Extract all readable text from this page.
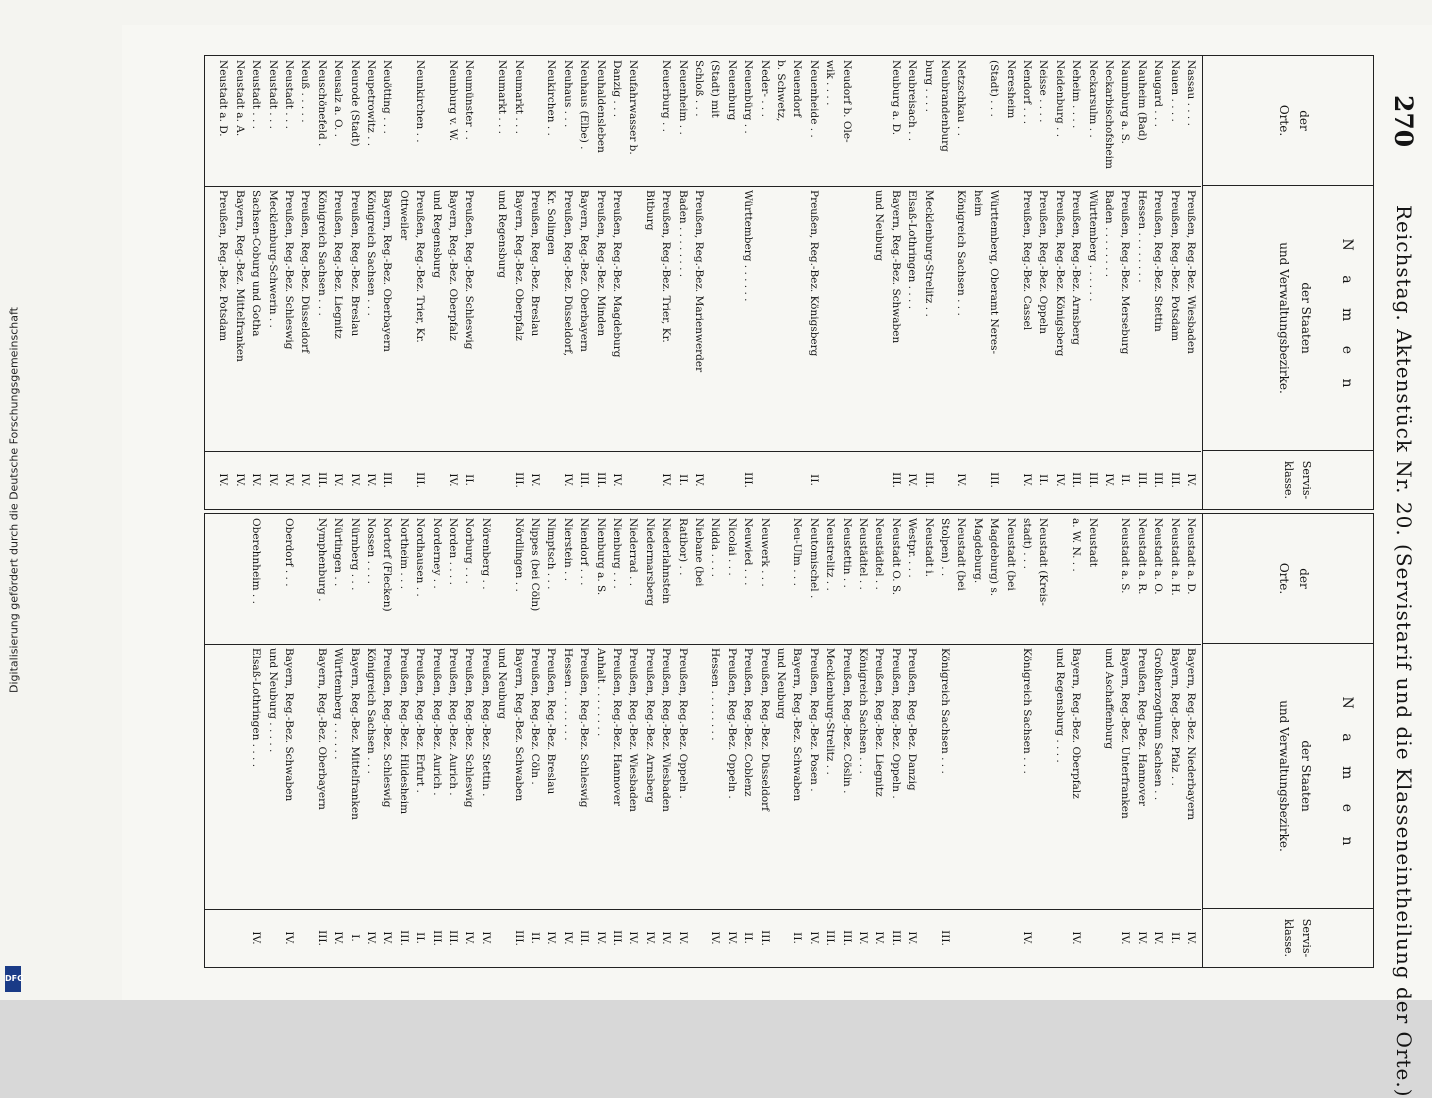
Digitalisierung gefördert durch die Deutsche Forschungsgemeinschaft
DFG
270
Reichstag. Aktenstück Nr. 20. (Servistarif und die Klasseneintheilung der Orte.)
der
Orte.
N a m e n
der Staaten
und Verwaltungsbezirke.
Servis-
klasse.
Nassau . . . .
Preußen, Reg.-Bez. Wiesbaden
IV.
Nauen . . . .
Preußen, Reg.-Bez. Potsdam
III.
Naugard . . .
Preußen, Reg.-Bez. Stettin
III.
Nauheim (Bad)
Hessen . . . . . . . .
III.
Naumburg a. S.
Preußen, Reg.-Bez. Merseburg
II.
Neckarbischofsheim
Baden . . . . . . . .
IV.
Neckarsulm . .
Württemberg . . . . . .
III.
Neheim . . . .
Preußen, Reg.-Bez. Arnsberg
III.
Neidenburg . .
Preußen, Reg.-Bez. Königsberg
IV.
Neisse . . . .
Preußen, Reg.-Bez. Oppeln
II.
Nendorf . . .
Preußen, Reg.-Bez. Cassel
IV.
Neresheim
(Stadt) . . .
Württemberg, Oberamt Neres-
III.
heim
Netzschkau . .
Königreich Sachsen . . .
IV.
Neubrandenburg
burg . . . .
Mecklenburg-Strelitz . .
III.
Neubreisach . .
Elsaß-Lothringen . . . .
IV.
Neuburg a. D.
Bayern, Reg.-Bez. Schwaben
III.
und Neuburg
Neudorf b. Ole-
wik . . . .
Neuenheide . .
Preußen, Reg.-Bez. Königsberg
II.
Neuendorf
b. Schwetz,
Neder- . . .
Neuenbürg . .
Württemberg . . . . . .
III.
Neuenburg
(Stadt) mit
Schloß . . .
Preußen, Reg.-Bez. Marienwerder
IV.
Neuenheim . .
Baden . . . . . . . .
II.
Neuerburg . .
Preußen, Reg.-Bez. Trier, Kr.
IV.
Bitburg
Neufahrwasser b.
Danzig . . .
Preußen, Reg.-Bez. Magdeburg
IV.
Neuhaldensleben
Preußen, Reg.-Bez. Minden
III.
Neuhaus (Elbe) .
Bayern, Reg.-Bez. Oberbayern
III.
Neuhaus . . .
Preußen, Reg.-Bez. Düsseldorf,
IV.
Neukirchen . .
Kr. Solingen
Preußen, Reg.-Bez. Breslau
IV.
Neumarkt . . .
Bayern, Reg.-Bez. Oberpfalz
III.
Neumarkt . . .
und Regensburg
Neumünster . .
Preußen, Reg.-Bez. Schleswig
II.
Neunburg v. W.
Bayern, Reg.-Bez. Oberpfalz
IV.
und Regensburg
Neunkirchen . .
Preußen, Reg.-Bez. Trier, Kr.
III.
Ottweiler
Neuötting . . .
Bayern, Reg.-Bez. Oberbayern
III.
Neupetrowitz . .
Königreich Sachsen . . .
IV.
Neurode (Stadt)
Preußen, Reg.-Bez. Breslau
IV.
Neusalz a. O. .
Preußen, Reg.-Bez. Liegnitz
IV.
Neuschönefeld .
Königreich Sachsen . . .
III.
Neuß . . . . .
Preußen, Reg.-Bez. Düsseldorf
IV.
Neustadt . . .
Preußen, Reg.-Bez. Schleswig
IV.
Neustadt . . .
Mecklenburg-Schwerin . .
IV.
Neustadt . . .
Sachsen-Coburg und Gotha
IV.
Neustadt a. A.
Bayern, Reg.-Bez. Mittelfranken
IV.
Neustadt a. D.
Preußen, Reg.-Bez. Potsdam
IV.
der
Orte.
N a m e n
der Staaten
und Verwaltungsbezirke.
Servis-
klasse.
Neustadt a. D.
Bayern, Reg.-Bez. Niederbayern
IV.
Neustadt a. H.
Bayern, Reg.-Bez. Pfalz . .
II.
Neustadt a. O.
Großherzogthum Sachsen . .
IV.
Neustadt a. R.
Preußen, Reg.-Bez. Hannover
IV.
Neustadt a. S.
Bayern, Reg.-Bez. Unterfranken
IV.
und Aschaffenburg
Neustadt
a. W. N. . .
Bayern, Reg.-Bez. Oberpfalz
IV.
und Regensburg . . . .
Neustadt (Kreis-
stadt) . . .
Königreich Sachsen . . .
IV.
Neustadt (bei
Magdeburg) s.
Magdeburg.
Neustadt (bei
Stolpen) . .
Königreich Sachsen . . .
III.
Neustadt i.
Westpr. . . .
Preußen, Reg.-Bez. Danzig
IV.
Neustadt O. S.
Preußen, Reg.-Bez. Oppeln .
III.
Neustädtel . .
Preußen, Reg.-Bez. Liegnitz
IV.
Neustädtel . .
Königreich Sachsen . . .
IV.
Neustettin . .
Preußen, Reg.-Bez. Cöslin .
III.
Neustrelitz . .
Mecklenburg-Strelitz . .
III.
Neutomischel .
Preußen, Reg.-Bez. Posen .
IV.
Neu-Ulm . . .
Bayern, Reg.-Bez. Schwaben
II.
und Neuburg
Neuwerk . . .
Preußen, Reg.-Bez. Düsseldorf
III.
Neuwied . . .
Preußen, Reg.-Bez. Coblenz
II.
Nicolai . . .
Preußen, Reg.-Bez. Oppeln .
IV.
Nidda . . . .
Hessen . . . . . . . .
IV.
Niebane (bei
Ratibor) . .
Preußen, Reg.-Bez. Oppeln .
IV.
Niederlahnstein
Preußen, Reg.-Bez. Wiesbaden
IV.
Niedermarsberg
Preußen, Reg.-Bez. Arnsberg
IV.
Niederrad . .
Preußen, Reg.-Bez. Wiesbaden
IV.
Nienburg . . .
Preußen, Reg.-Bez. Hannover
III.
Nienburg a. S.
Anhalt . . . . . . . .
IV.
Niendorf . . .
Preußen, Reg.-Bez. Schleswig
III.
Nierstein . .
Hessen . . . . . . . .
IV.
Nimptsch . . .
Preußen, Reg.-Bez. Breslau
IV.
Nippes (bei Cöln)
Preußen, Reg.-Bez. Cöln .
II.
Nördlingen . .
Bayern, Reg.-Bez. Schwaben
III.
und Neuburg
Nörenberg . .
Preußen, Reg.-Bez. Stettin .
IV.
Norburg . . .
Preußen, Reg.-Bez. Schleswig
IV.
Norden . . . .
Preußen, Reg.-Bez. Aurich .
III.
Norderney . .
Preußen, Reg.-Bez. Aurich .
III.
Nordhausen . .
Preußen, Reg.-Bez. Erfurt .
II.
Northeim . . .
Preußen, Reg.-Bez. Hildesheim
III.
Nortorf (Flecken)
Preußen, Reg.-Bez. Schleswig
IV.
Nossen . . . .
Königreich Sachsen . . .
IV.
Nürnberg . . .
Bayern, Reg.-Bez. Mittelfranken
I.
Nürtingen . .
Württemberg . . . . . .
IV.
Nymphenburg .
Bayern, Reg.-Bez. Oberbayern
III.
Oberdorf . . .
Bayern, Reg.-Bez. Schwaben
IV.
und Neuburg . . . . .
Oberehnheim . .
Elsaß-Lothringen . . . .
IV.
